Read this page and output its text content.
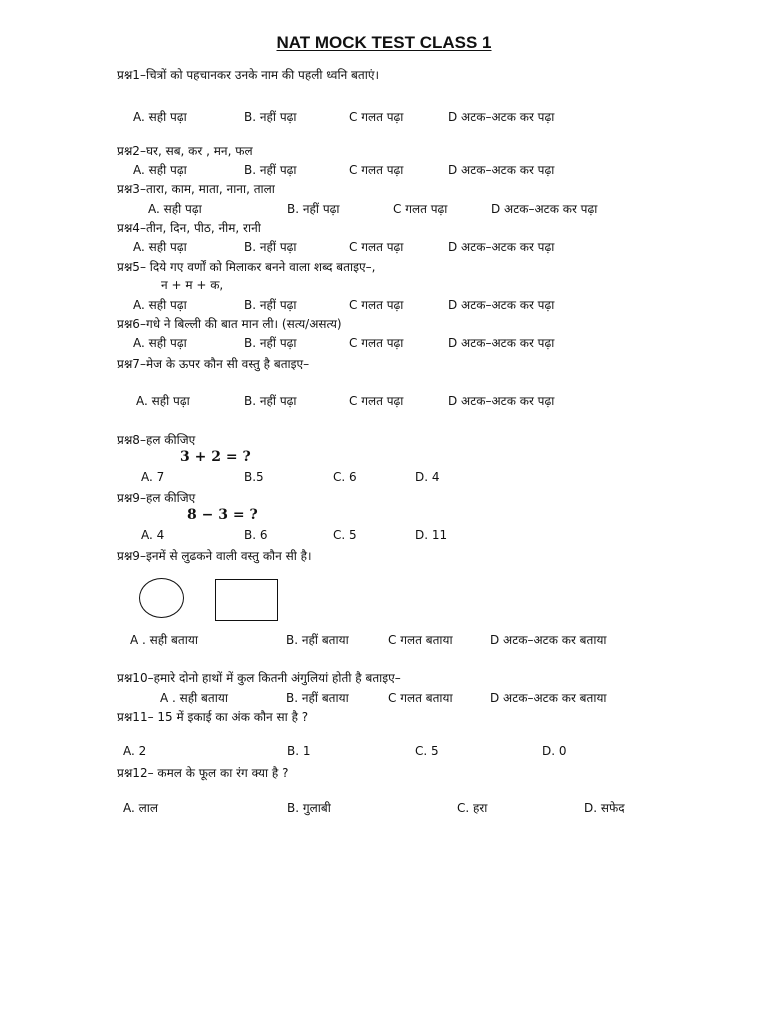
NAT MOCK TEST CLASS 1
प्रश्न1–चित्रों को पहचानकर उनके नाम की पहली ध्वनि बताएं।
A. सही पढ़ा	B. नहीं पढ़ा	C गलत पढ़ा	D अटक–अटक कर पढ़ा
प्रश्न2–घर, सब, कर , मन, फल
A. सही पढ़ा	B. नहीं पढ़ा	C गलत पढ़ा	D अटक–अटक कर पढ़ा
प्रश्न3–तारा, काम, माता, नाना, ताला
A. सही पढ़ा	B. नहीं पढ़ा	C गलत पढ़ा	D अटक–अटक कर पढ़ा
प्रश्न4–तीन, दिन, पीठ, नीम, रानी
A. सही पढ़ा	B. नहीं पढ़ा	C गलत पढ़ा	D अटक–अटक कर पढ़ा
प्रश्न5– दिये गए वर्णों को मिलाकर बनने वाला शब्द बताइए–,
न + म + क,
A. सही पढ़ा	B. नहीं पढ़ा	C गलत पढ़ा	D अटक–अटक कर पढ़ा
प्रश्न6–गधे ने बिल्ली की बात मान ली। (सत्य/असत्य)
A. सही पढ़ा	B. नहीं पढ़ा	C गलत पढ़ा	D अटक–अटक कर पढ़ा
प्रश्न7–मेज के ऊपर कौन सी वस्तु है बताइए–
A. सही पढ़ा	B. नहीं पढ़ा	C गलत पढ़ा	D अटक–अटक कर पढ़ा
प्रश्न8–हल कीजिए
3 + 2 = ?
A. 7	B.5	C. 6	D. 4
प्रश्न9–हल कीजिए
8 − 3 = ?
A. 4	B. 6	C. 5	D. 11
प्रश्न9–इनमें से लुढकने वाली वस्तु कौन सी है।
A . सही बताया	B. नहीं बताया	C गलत बताया	D अटक–अटक कर बताया
प्रश्न10–हमारे दोनो हाथों में कुल कितनी अंगुलियां होती है बताइए–
A . सही बताया	B. नहीं बताया	C गलत बताया	D अटक–अटक कर बताया
प्रश्न11– 15 में इकाई का अंक कौन सा है ?
A. 2	B. 1	C. 5	D. 0
प्रश्न12– कमल के फूल का रंग क्या है ?
A. लाल	B. गुलाबी	C. हरा	D. सफेद
